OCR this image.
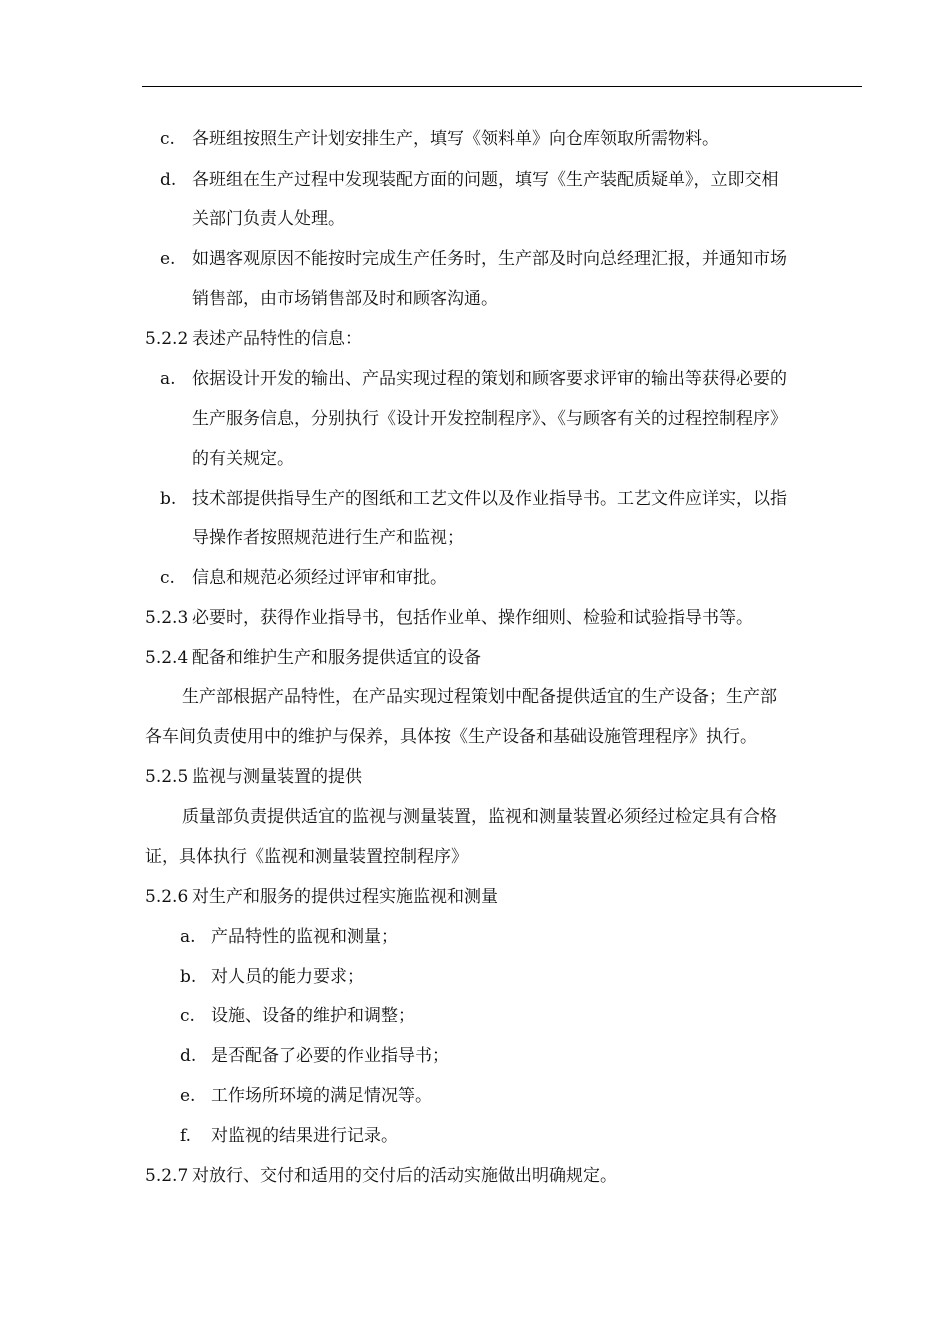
c. 各班组按照生产计划安排生产，填写《领料单》向仓库领取所需物料。
d. 各班组在生产过程中发现装配方面的问题，填写《生产装配质疑单》，立即交相
关部门负责人处理。
e. 如遇客观原因不能按时完成生产任务时，生产部及时向总经理汇报，并通知市场
销售部，由市场销售部及时和顾客沟通。
5.2.2 表述产品特性的信息：
a. 依据设计开发的输出、产品实现过程的策划和顾客要求评审的输出等获得必要的
生产服务信息，分别执行《设计开发控制程序》、《与顾客有关的过程控制程序》
的有关规定。
b. 技术部提供指导生产的图纸和工艺文件以及作业指导书。工艺文件应详实，以指
导操作者按照规范进行生产和监视；
c. 信息和规范必须经过评审和审批。
5.2.3 必要时，获得作业指导书，包括作业单、操作细则、检验和试验指导书等。
5.2.4 配备和维护生产和服务提供适宜的设备
生产部根据产品特性，在产品实现过程策划中配备提供适宜的生产设备；生产部
各车间负责使用中的维护与保养，具体按《生产设备和基础设施管理程序》执行。
5.2.5 监视与测量装置的提供
质量部负责提供适宜的监视与测量装置，监视和测量装置必须经过检定具有合格
证，具体执行《监视和测量装置控制程序》
5.2.6 对生产和服务的提供过程实施监视和测量
a. 产品特性的监视和测量；
b. 对人员的能力要求；
c. 设施、设备的维护和调整；
d. 是否配备了必要的作业指导书；
e. 工作场所环境的满足情况等。
f. 对监视的结果进行记录。
5.2.7 对放行、交付和适用的交付后的活动实施做出明确规定。
